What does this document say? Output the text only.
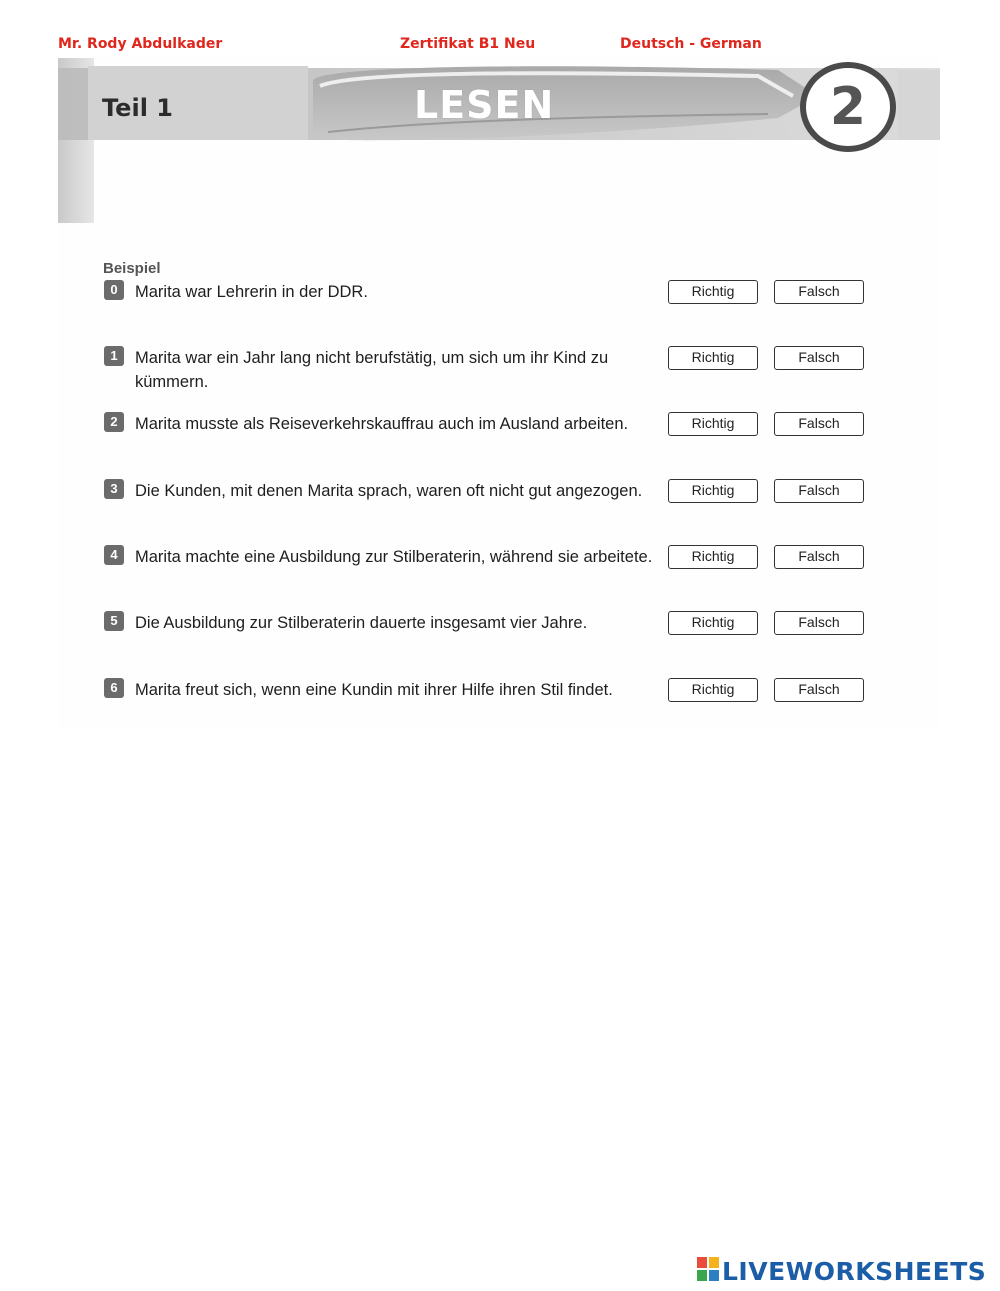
Mr. Rody Abdulkader	Zertifikat B1 Neu	Deutsch - German
Teil 1	LESEN	2
Beispiel
0	Marita war Lehrerin in der DDR.	Richtig	Falsch
1	Marita war ein Jahr lang nicht berufstätig, um sich um ihr Kind zu kümmern.
Richtig	Falsch
2	Marita musste als Reiseverkehrskauffrau auch im Ausland arbeiten.	Richtig	Falsch
3	Die Kunden, mit denen Marita sprach, waren oft nicht gut angezogen.	Richtig	Falsch
4	Marita machte eine Ausbildung zur Stilberaterin, während sie arbeitete.	Richtig	Falsch
5	Die Ausbildung zur Stilberaterin dauerte insgesamt vier Jahre.	Richtig	Falsch
6	Marita freut sich, wenn eine Kundin mit ihrer Hilfe ihren Stil findet.	Richtig	Falsch
LIVEWORKSHEETS
